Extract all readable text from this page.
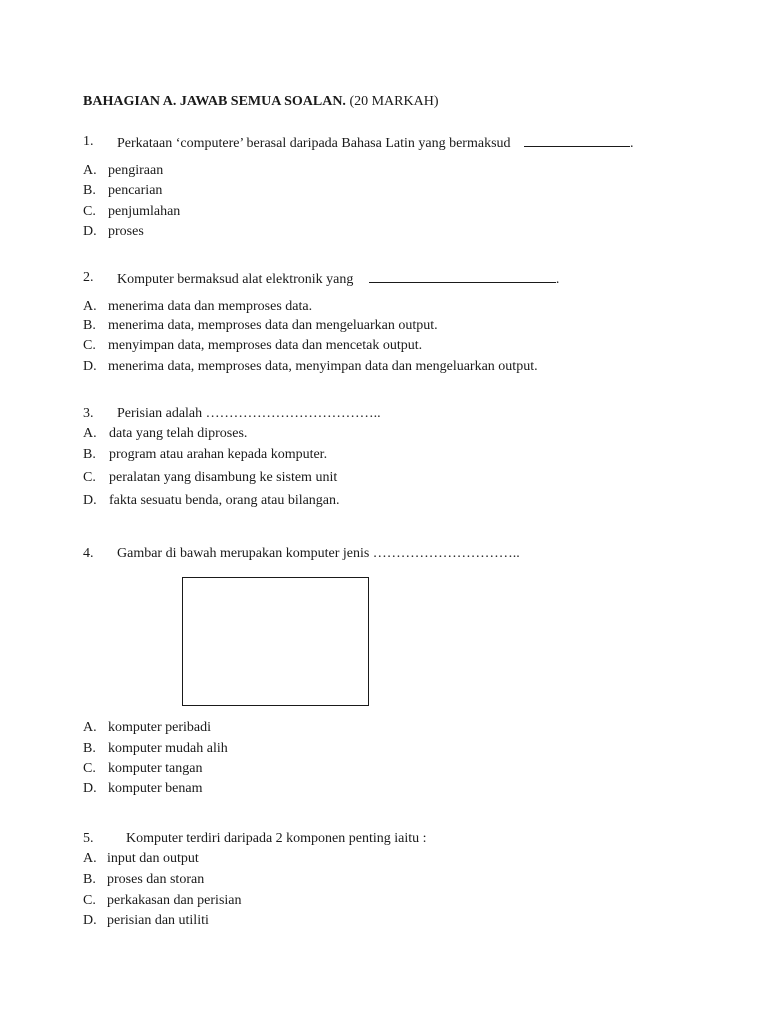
BAHAGIAN A. JAWAB SEMUA SOALAN. (20 MARKAH)
1. Perkataan ‘computere’ berasal daripada Bahasa Latin yang bermaksud	.
A. pengiraan
B. pencarian
C. penjumlahan
D. proses
2. Komputer bermaksud alat elektronik yang	.
A. menerima data dan memproses data.
B. menerima data, memproses data dan mengeluarkan output.
C. menyimpan data, memproses data dan mencetak output.
D. menerima data, memproses data, menyimpan data dan mengeluarkan output.
3. Perisian adalah ………………………………..
A. data yang telah diproses.
B. program atau arahan kepada komputer.
C. peralatan yang disambung ke sistem unit
D. fakta sesuatu benda, orang atau bilangan.
4. Gambar di bawah merupakan komputer jenis …………………………..
A. komputer peribadi
B. komputer mudah alih
C. komputer tangan
D. komputer benam
5. Komputer terdiri daripada 2 komponen penting iaitu :
A. input dan output
B. proses dan storan
C. perkakasan dan perisian
D. perisian dan utiliti
